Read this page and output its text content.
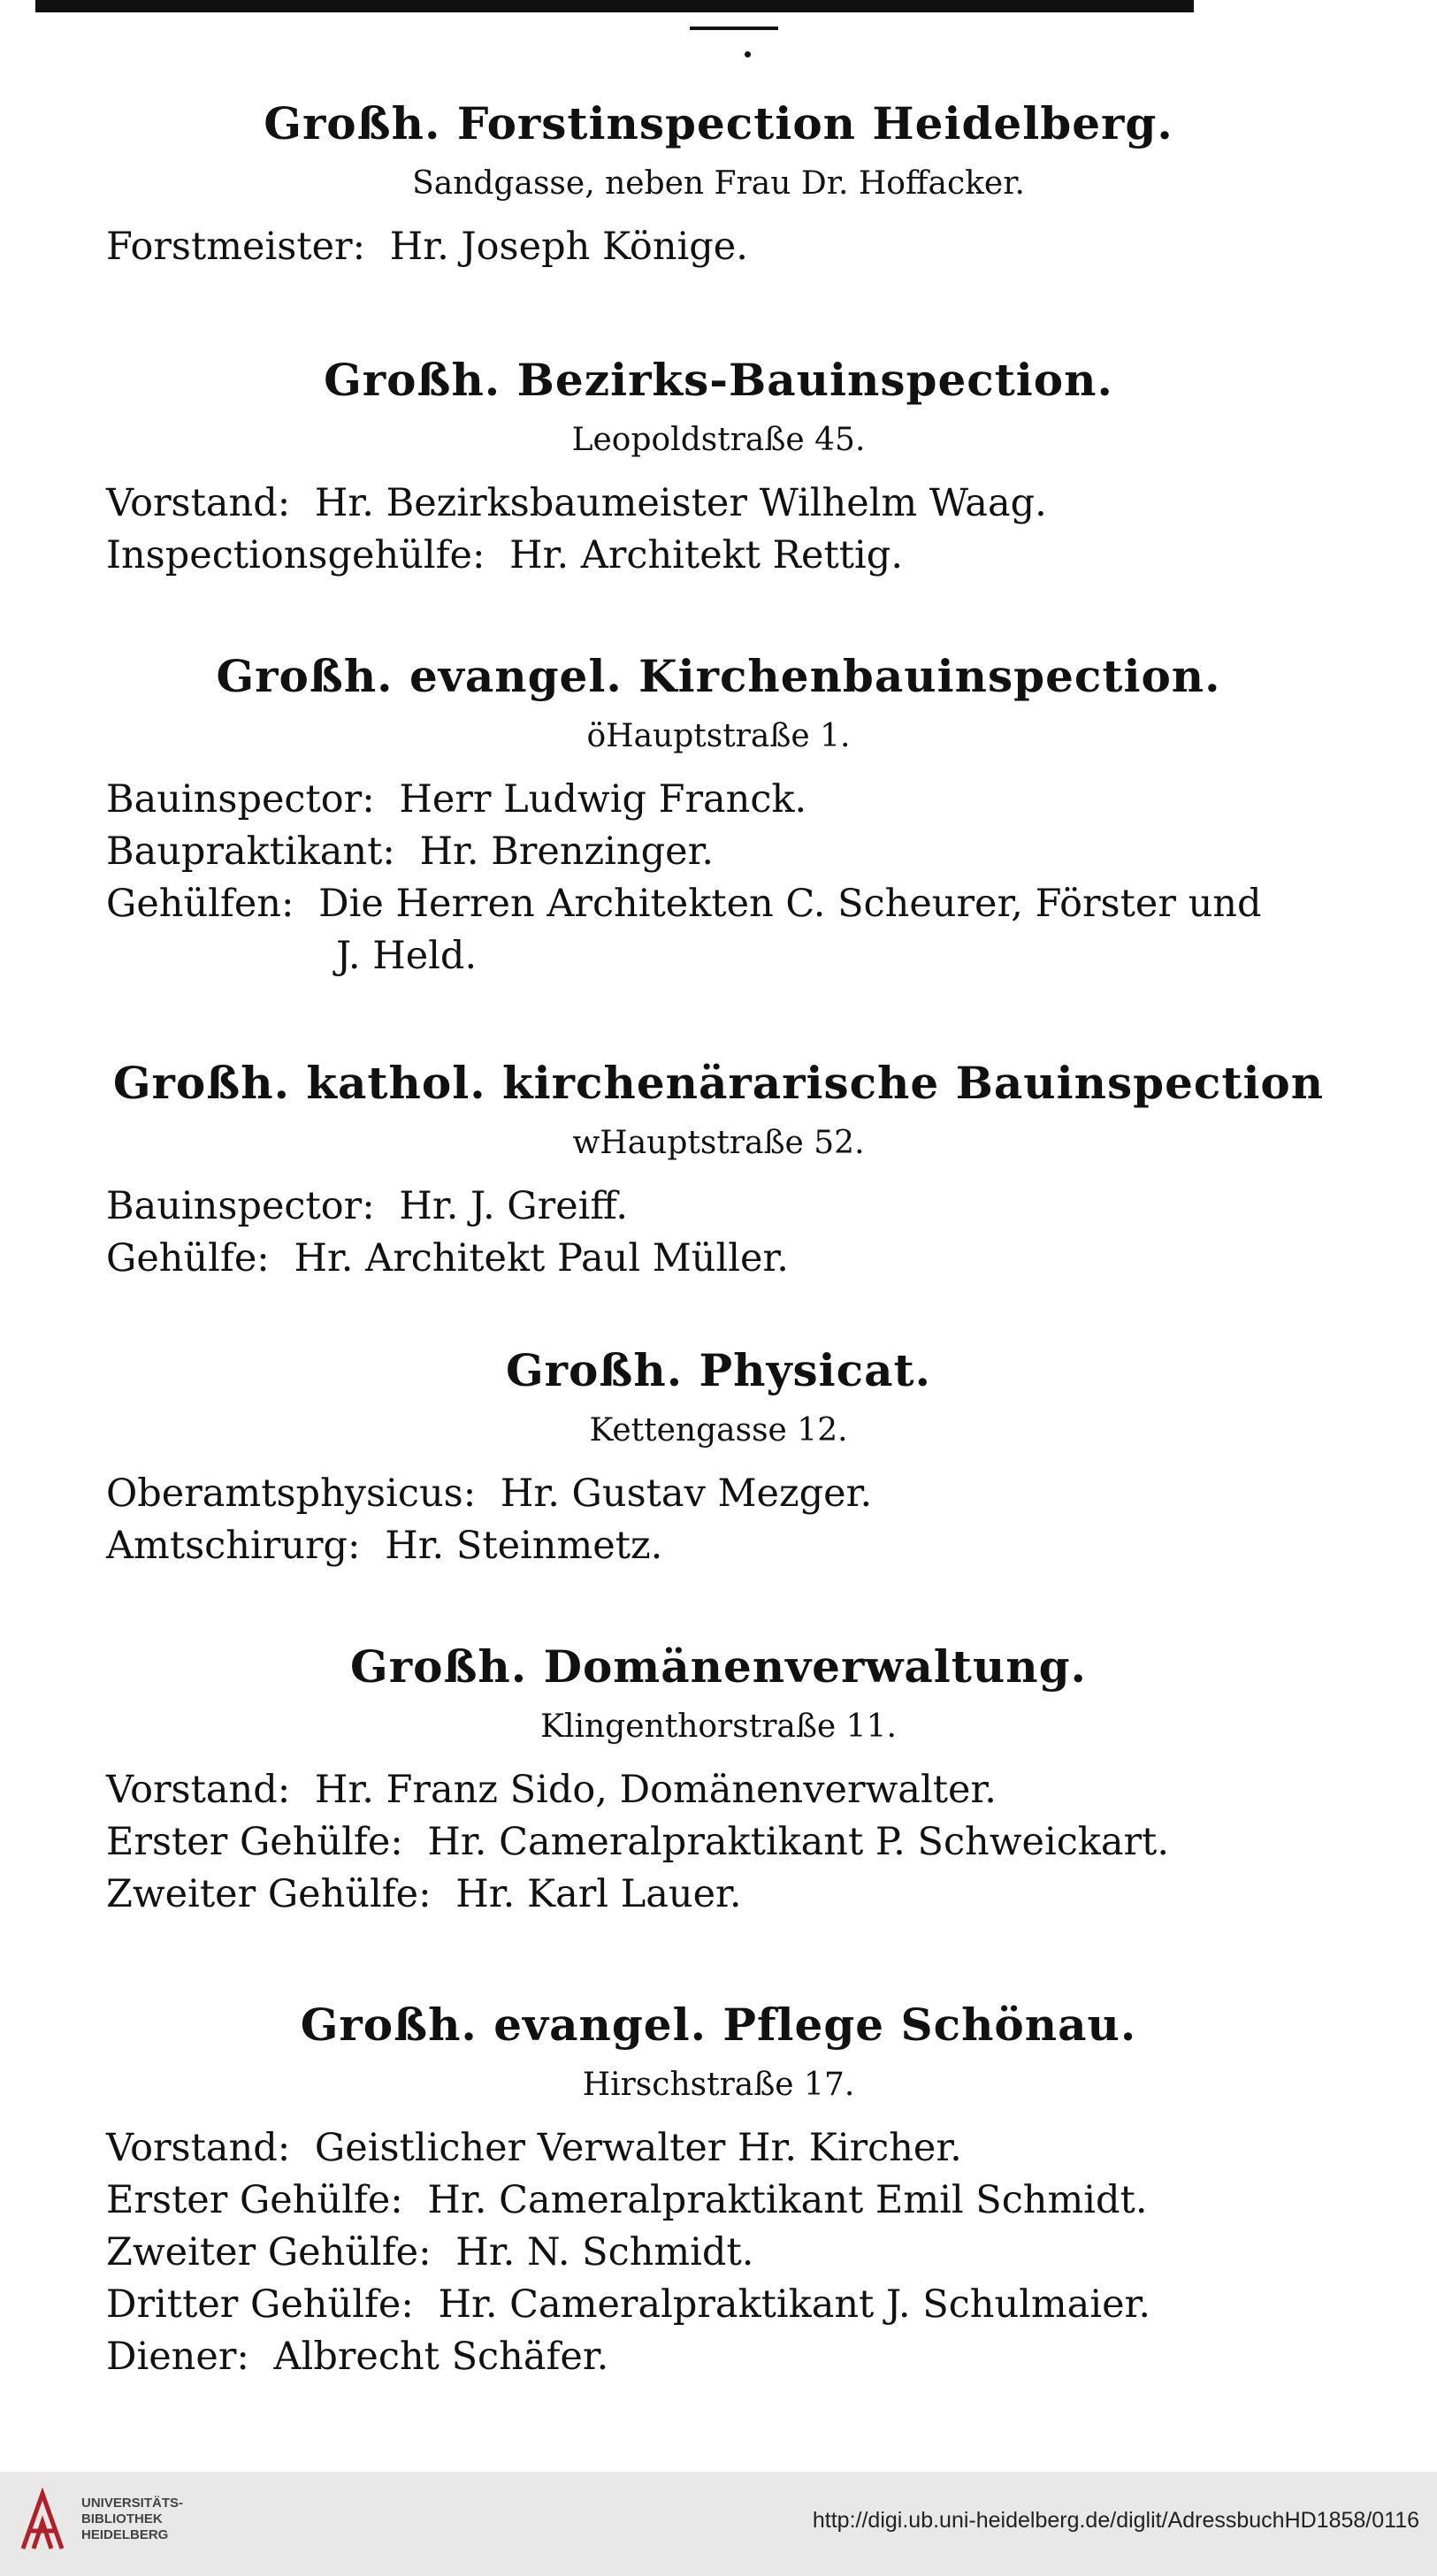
Großh. Forstinspection Heidelberg.
Sandgasse, neben Frau Dr. Hoffacker.
Forstmeister: Hr. Joseph Könige.
Großh. Bezirks-Bauinspection.
Leopoldstraße 45.
Vorstand: Hr. Bezirksbaumeister Wilhelm Waag.
Inspectionsgehülfe: Hr. Architekt Rettig.
Großh. evangel. Kirchenbauinspection.
öHauptstraße 1.
Bauinspector: Herr Ludwig Franck.
Baupraktikant: Hr. Brenzinger.
Gehülfen: Die Herren Architekten C. Scheurer, Förster und
J. Held.
Großh. kathol. kirchenärarische Bauinspection
wHauptstraße 52.
Bauinspector: Hr. J. Greiff.
Gehülfe: Hr. Architekt Paul Müller.
Großh. Physicat.
Kettengasse 12.
Oberamtsphysicus: Hr. Gustav Mezger.
Amtschirurg: Hr. Steinmetz.
Großh. Domänenverwaltung.
Klingenthorstraße 11.
Vorstand: Hr. Franz Sido, Domänenverwalter.
Erster Gehülfe: Hr. Cameralpraktikant P. Schweickart.
Zweiter Gehülfe: Hr. Karl Lauer.
Großh. evangel. Pflege Schönau.
Hirschstraße 17.
Vorstand: Geistlicher Verwalter Hr. Kircher.
Erster Gehülfe: Hr. Cameralpraktikant Emil Schmidt.
Zweiter Gehülfe: Hr. N. Schmidt.
Dritter Gehülfe: Hr. Cameralpraktikant J. Schulmaier.
Diener: Albrecht Schäfer.
UNIVERSITÄTS-
BIBLIOTHEK
HEIDELBERG
http://digi.ub.uni-heidelberg.de/diglit/AdressbuchHD1858/0116
